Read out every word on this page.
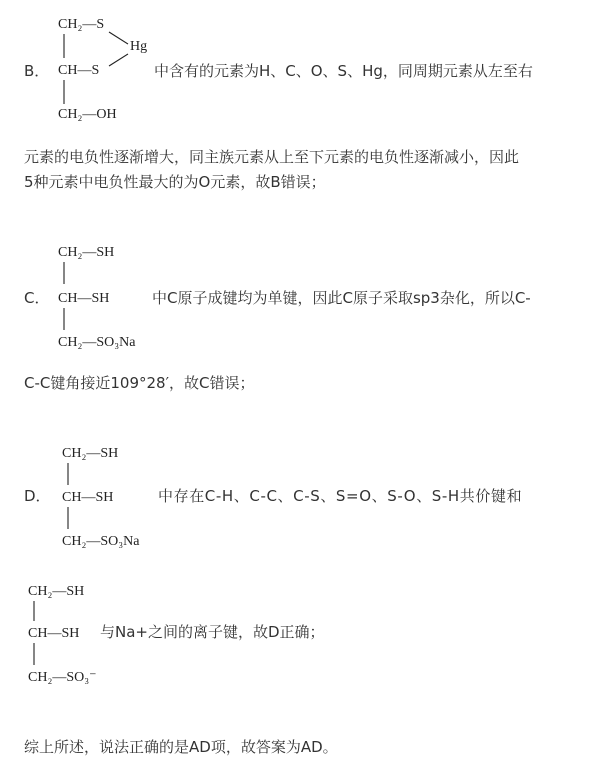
CH₂—S
Hg
CH—S
CH₂—OH
B．	中含有的元素为H、C、O、S、Hg，同周期元素从左至右
元素的电负性逐渐增大，同主族元素从上至下元素的电负性逐渐减小，因此
5种元素中电负性最大的为O元素，故B错误；
CH₂—SH
CH—SH
CH₂—SO₃Na
C．	中C原子成键均为单键，因此C原子采取sp3杂化，所以C-
C-C键角接近109°28′，故C错误；
CH₂—SH
CH—SH
CH₂—SO₃Na
D．	中存在C-H、C-C、C-S、S=O、S-O、S-H共价键和
CH₂—SH
CH—SH
CH₂—SO₃⁻
与Na+之间的离子键，故D正确；
综上所述，说法正确的是AD项，故答案为AD。
